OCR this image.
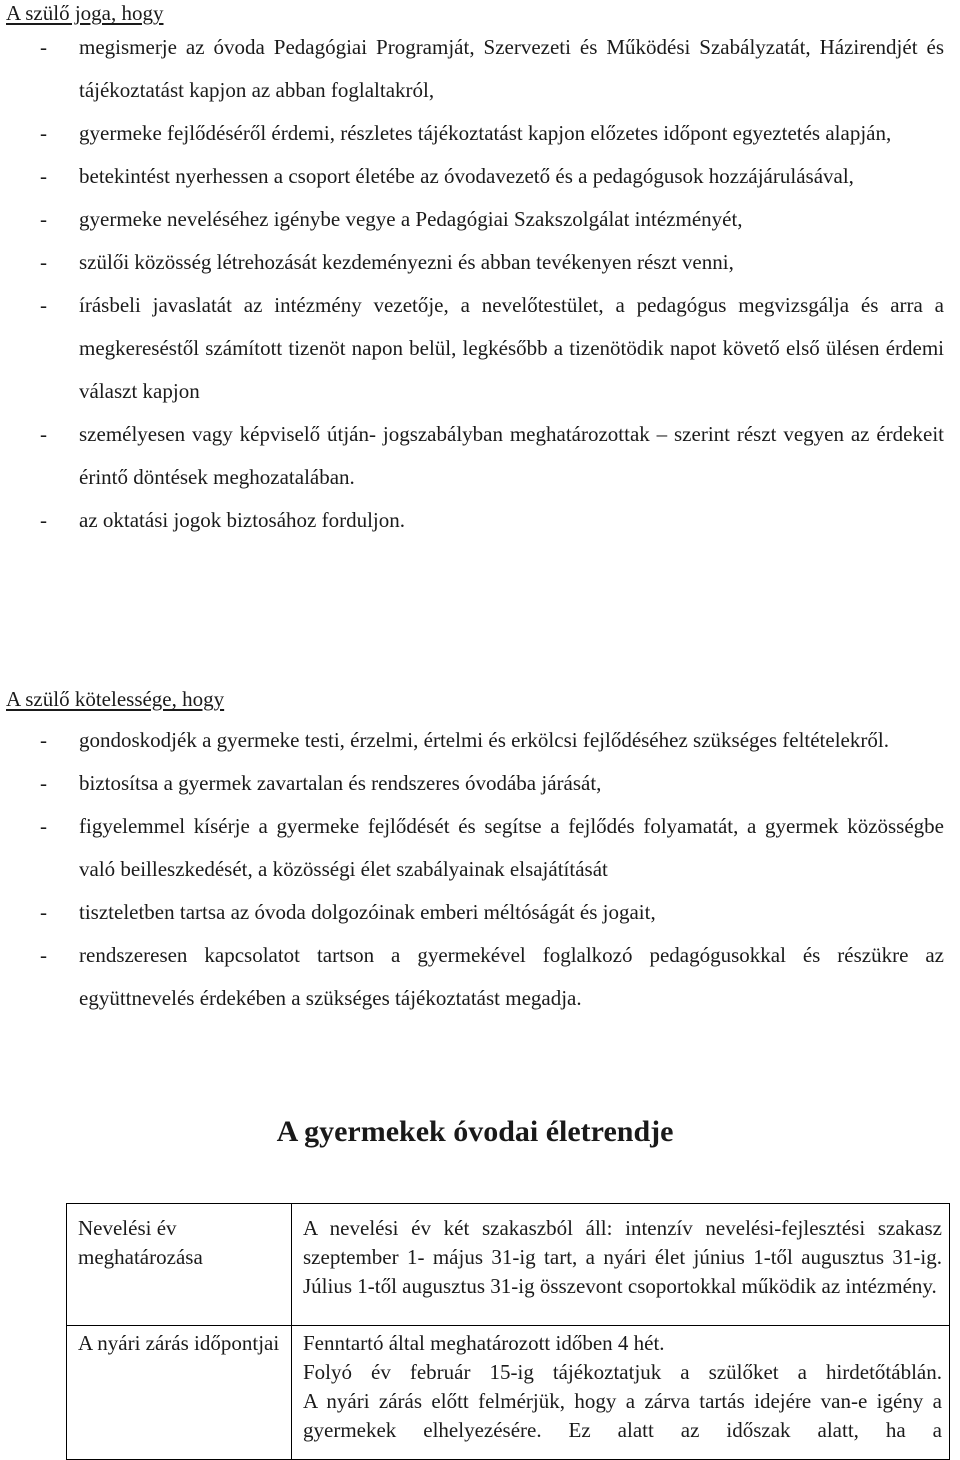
A szülő joga, hogy
- megismerje az óvoda Pedagógiai Programját, Szervezeti és Működési Szabályzatát, Házirendjét és tájékoztatást kapjon az abban foglaltakról,
- gyermeke fejlődéséről érdemi, részletes tájékoztatást kapjon előzetes időpont egyeztetés alapján,
- betekintést nyerhessen a csoport életébe az óvodavezető és a pedagógusok hozzájárulásával,
- gyermeke neveléséhez igénybe vegye a Pedagógiai Szakszolgálat intézményét,
- szülői közösség létrehozását kezdeményezni és abban tevékenyen részt venni,
- írásbeli javaslatát az intézmény vezetője, a nevelőtestület, a pedagógus megvizsgálja és arra a megkereséstől számított tizenöt napon belül, legkésőbb a tizenötödik napot követő első ülésen érdemi választ kapjon
- személyesen vagy képviselő útján- jogszabályban meghatározottak – szerint részt vegyen az érdekeit érintő döntések meghozatalában.
- az oktatási jogok biztosához forduljon.
A szülő kötelessége, hogy
- gondoskodjék a gyermeke testi, érzelmi, értelmi és erkölcsi fejlődéséhez szükséges feltételekről.
- biztosítsa a gyermek zavartalan és rendszeres óvodába járását,
- figyelemmel kísérje a gyermeke fejlődését és segítse a fejlődés folyamatát, a gyermek közösségbe való beilleszkedését, a közösségi élet szabályainak elsajátítását
- tiszteletben tartsa az óvoda dolgozóinak emberi méltóságát és jogait,
- rendszeresen kapcsolatot tartson a gyermekével foglalkozó pedagógusokkal és részükre az együttnevelés érdekében a szükséges tájékoztatást megadja.
A gyermekek óvodai életrendje
Nevelési év meghatározása	A nevelési év két szakaszból áll: intenzív nevelési-fejlesztési szakasz szeptember 1- május 31-ig tart, a nyári élet június 1-től augusztus 31-ig. Július 1-től augusztus 31-ig összevont csoportokkal működik az intézmény.

A nyári zárás időpontjai	Fenntartó által meghatározott időben 4 hét.

Folyó év február 15-ig tájékoztatjuk a szülőket a hirdetőtáblán.

A nyári zárás előtt felmérjük, hogy a zárva tartás idejére van-e igény a gyermekek elhelyezésére. Ez alatt az időszak alatt, ha a
